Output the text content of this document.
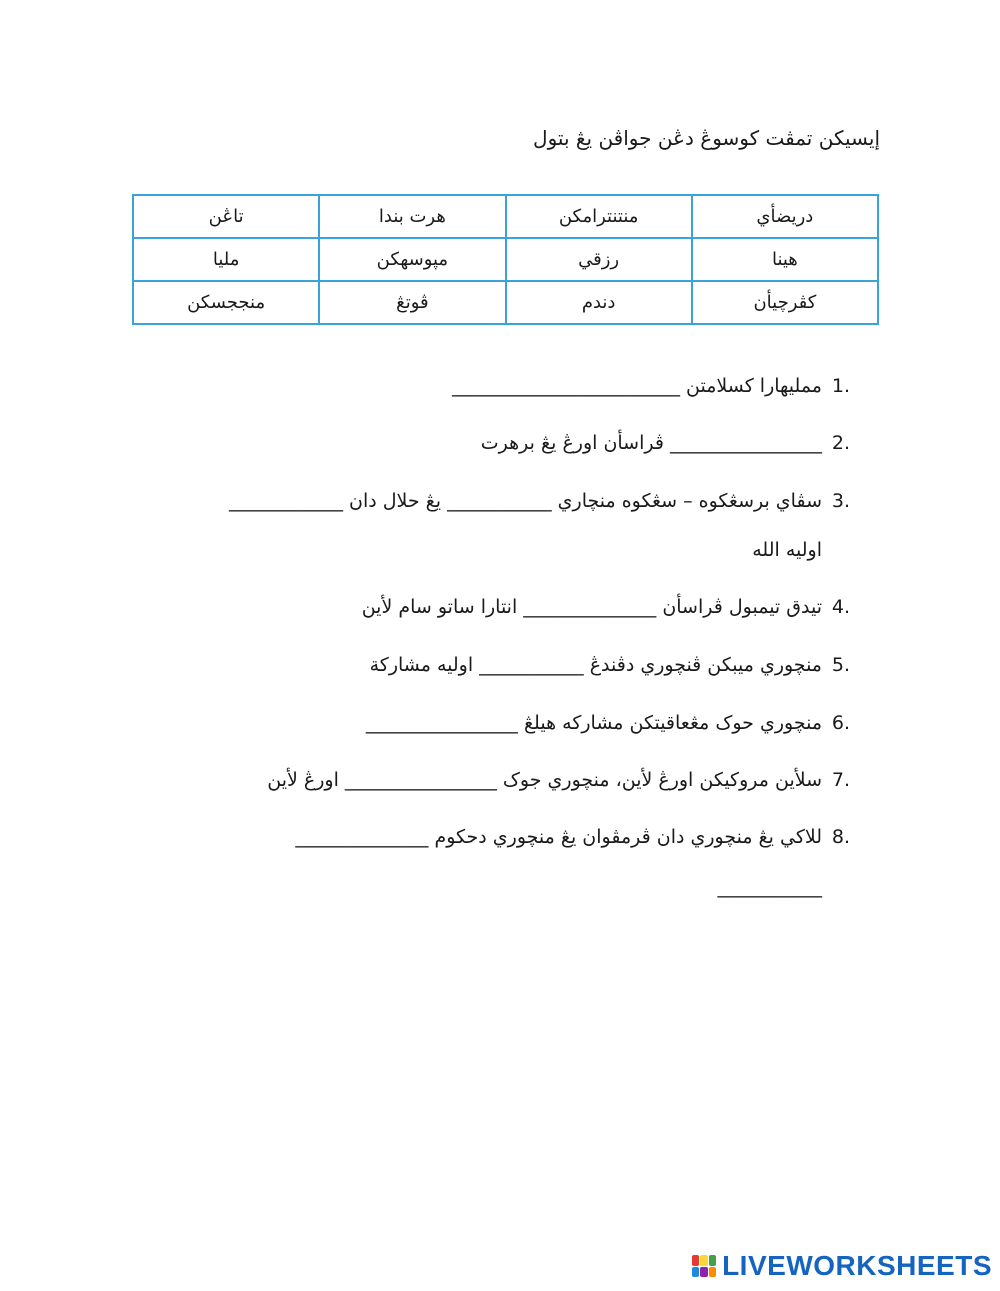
إيسيكن تمڤت کوسوڠ دڠن جواڤن يڠ بتول
دريضأي	منتنترامكن	هرت بندا	تاڠن
هينا	رزقي	مپوسهکن	مليا
کڤرچيأن	دندم	ڤوتڠ	منججسکن
1.
مملیهارا کسلامتن ________________________
2.
________________ ڤراسأن اورڠ يڠ برهرت
3.
سڤاي برسڠکوه – سڠکوه منچاري ___________ يڠ حلال دان ____________
اوليه الله
4.
تيدق تيمبول ڤراسأن ______________ انتارا ساتو سام لأين
5.
منچوري ميبکن ڤنچوري دڤندڠ ___________ اوليه مشارکة
6.
منچوري حوک مڠعاقيتکن مشارکه هيلڠ ________________
7.
سلأين مروکيکن اورڠ لأين، منچوري جوک ________________ اورڠ لأين
8.
للاکي يڠ منچوري دان ڤرمڤوان يڠ منچوري دحکوم ______________
___________
LIVEWORKSHEETS
